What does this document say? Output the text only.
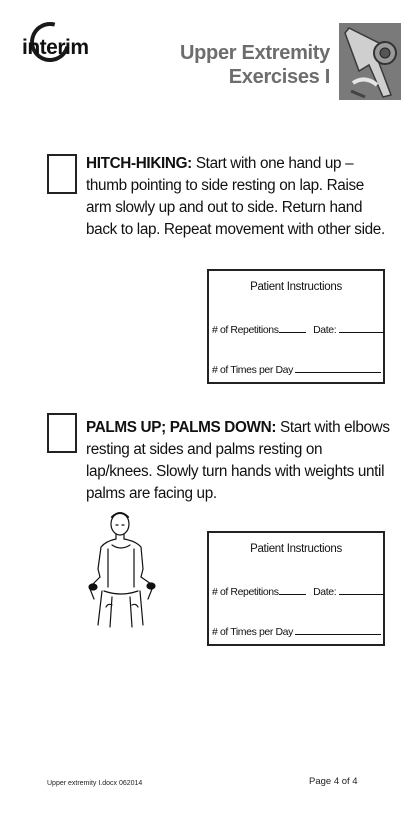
interim	Upper Extremity
Exercises I
HITCH-HIKING: Start with one hand up – thumb pointing to side resting on lap. Raise arm slowly up and out to side. Return hand back to lap. Repeat movement with other side.
Patient Instructions
# of Repetitions	Date:
# of Times per Day
PALMS UP; PALMS DOWN: Start with elbows resting at sides and palms resting on lap/knees. Slowly turn hands with weights until palms are facing up.
Patient Instructions
# of Repetitions	Date:
# of Times per Day
Upper extremity I.docx 062014	Page 4 of 4
